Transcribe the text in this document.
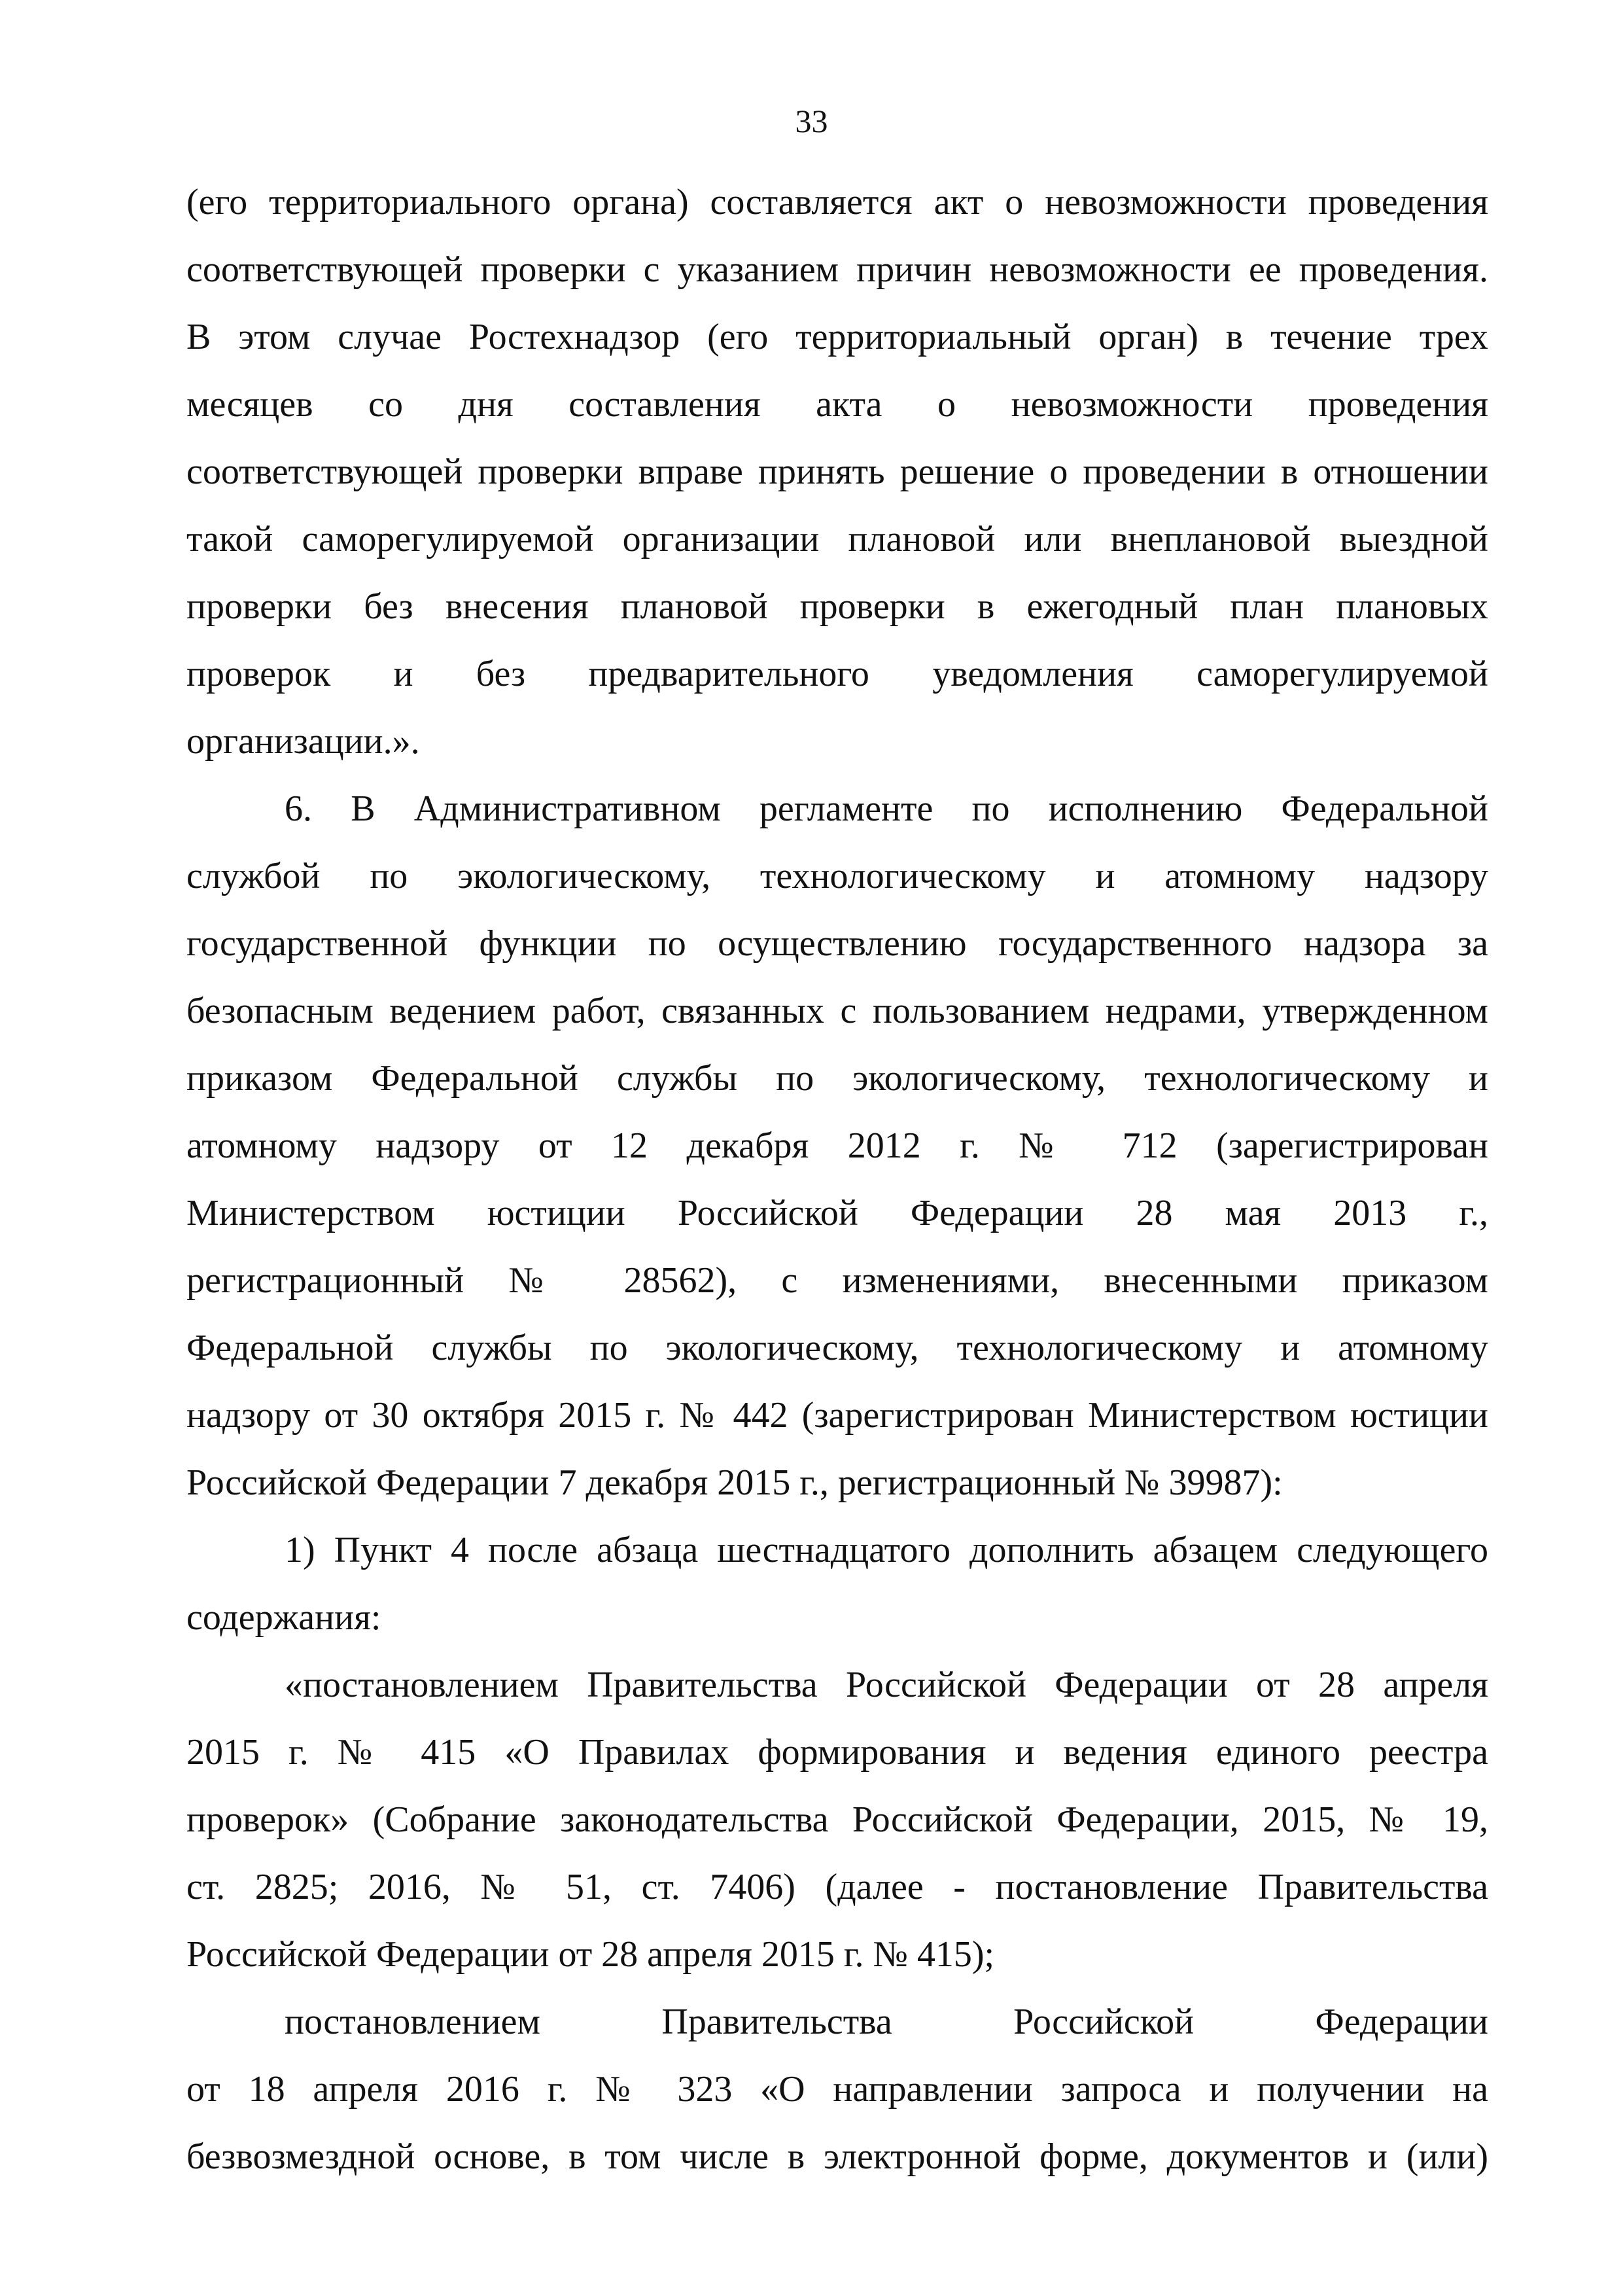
33
(его территориального органа) составляется акт о невозможности проведения
соответствующей проверки с указанием причин невозможности ее проведения.
В этом случае Ростехнадзор (его территориальный орган) в течение трех
месяцев со дня составления акта о невозможности проведения
соответствующей проверки вправе принять решение о проведении в отношении
такой саморегулируемой организации плановой или внеплановой выездной
проверки без внесения плановой проверки в ежегодный план плановых
проверок и без предварительного уведомления саморегулируемой
организации.».
6. В Административном регламенте по исполнению Федеральной
службой по экологическому, технологическому и атомному надзору
государственной функции по осуществлению государственного надзора за
безопасным ведением работ, связанных с пользованием недрами, утвержденном
приказом Федеральной службы по экологическому, технологическому и
атомному надзору от 12 декабря 2012 г. № 712 (зарегистрирован
Министерством юстиции Российской Федерации 28 мая 2013 г.,
регистрационный № 28562), с изменениями, внесенными приказом
Федеральной службы по экологическому, технологическому и атомному
надзору от 30 октября 2015 г. № 442 (зарегистрирован Министерством юстиции
Российской Федерации 7 декабря 2015 г., регистрационный № 39987):
1) Пункт 4 после абзаца шестнадцатого дополнить абзацем следующего
содержания:
«постановлением Правительства Российской Федерации от 28 апреля
2015 г. № 415 «О Правилах формирования и ведения единого реестра
проверок» (Собрание законодательства Российской Федерации, 2015, № 19,
ст. 2825; 2016, № 51, ст. 7406) (далее - постановление Правительства
Российской Федерации от 28 апреля 2015 г. № 415);
постановлением Правительства Российской Федерации
от 18 апреля 2016 г. № 323 «О направлении запроса и получении на
безвозмездной основе, в том числе в электронной форме, документов и (или)
